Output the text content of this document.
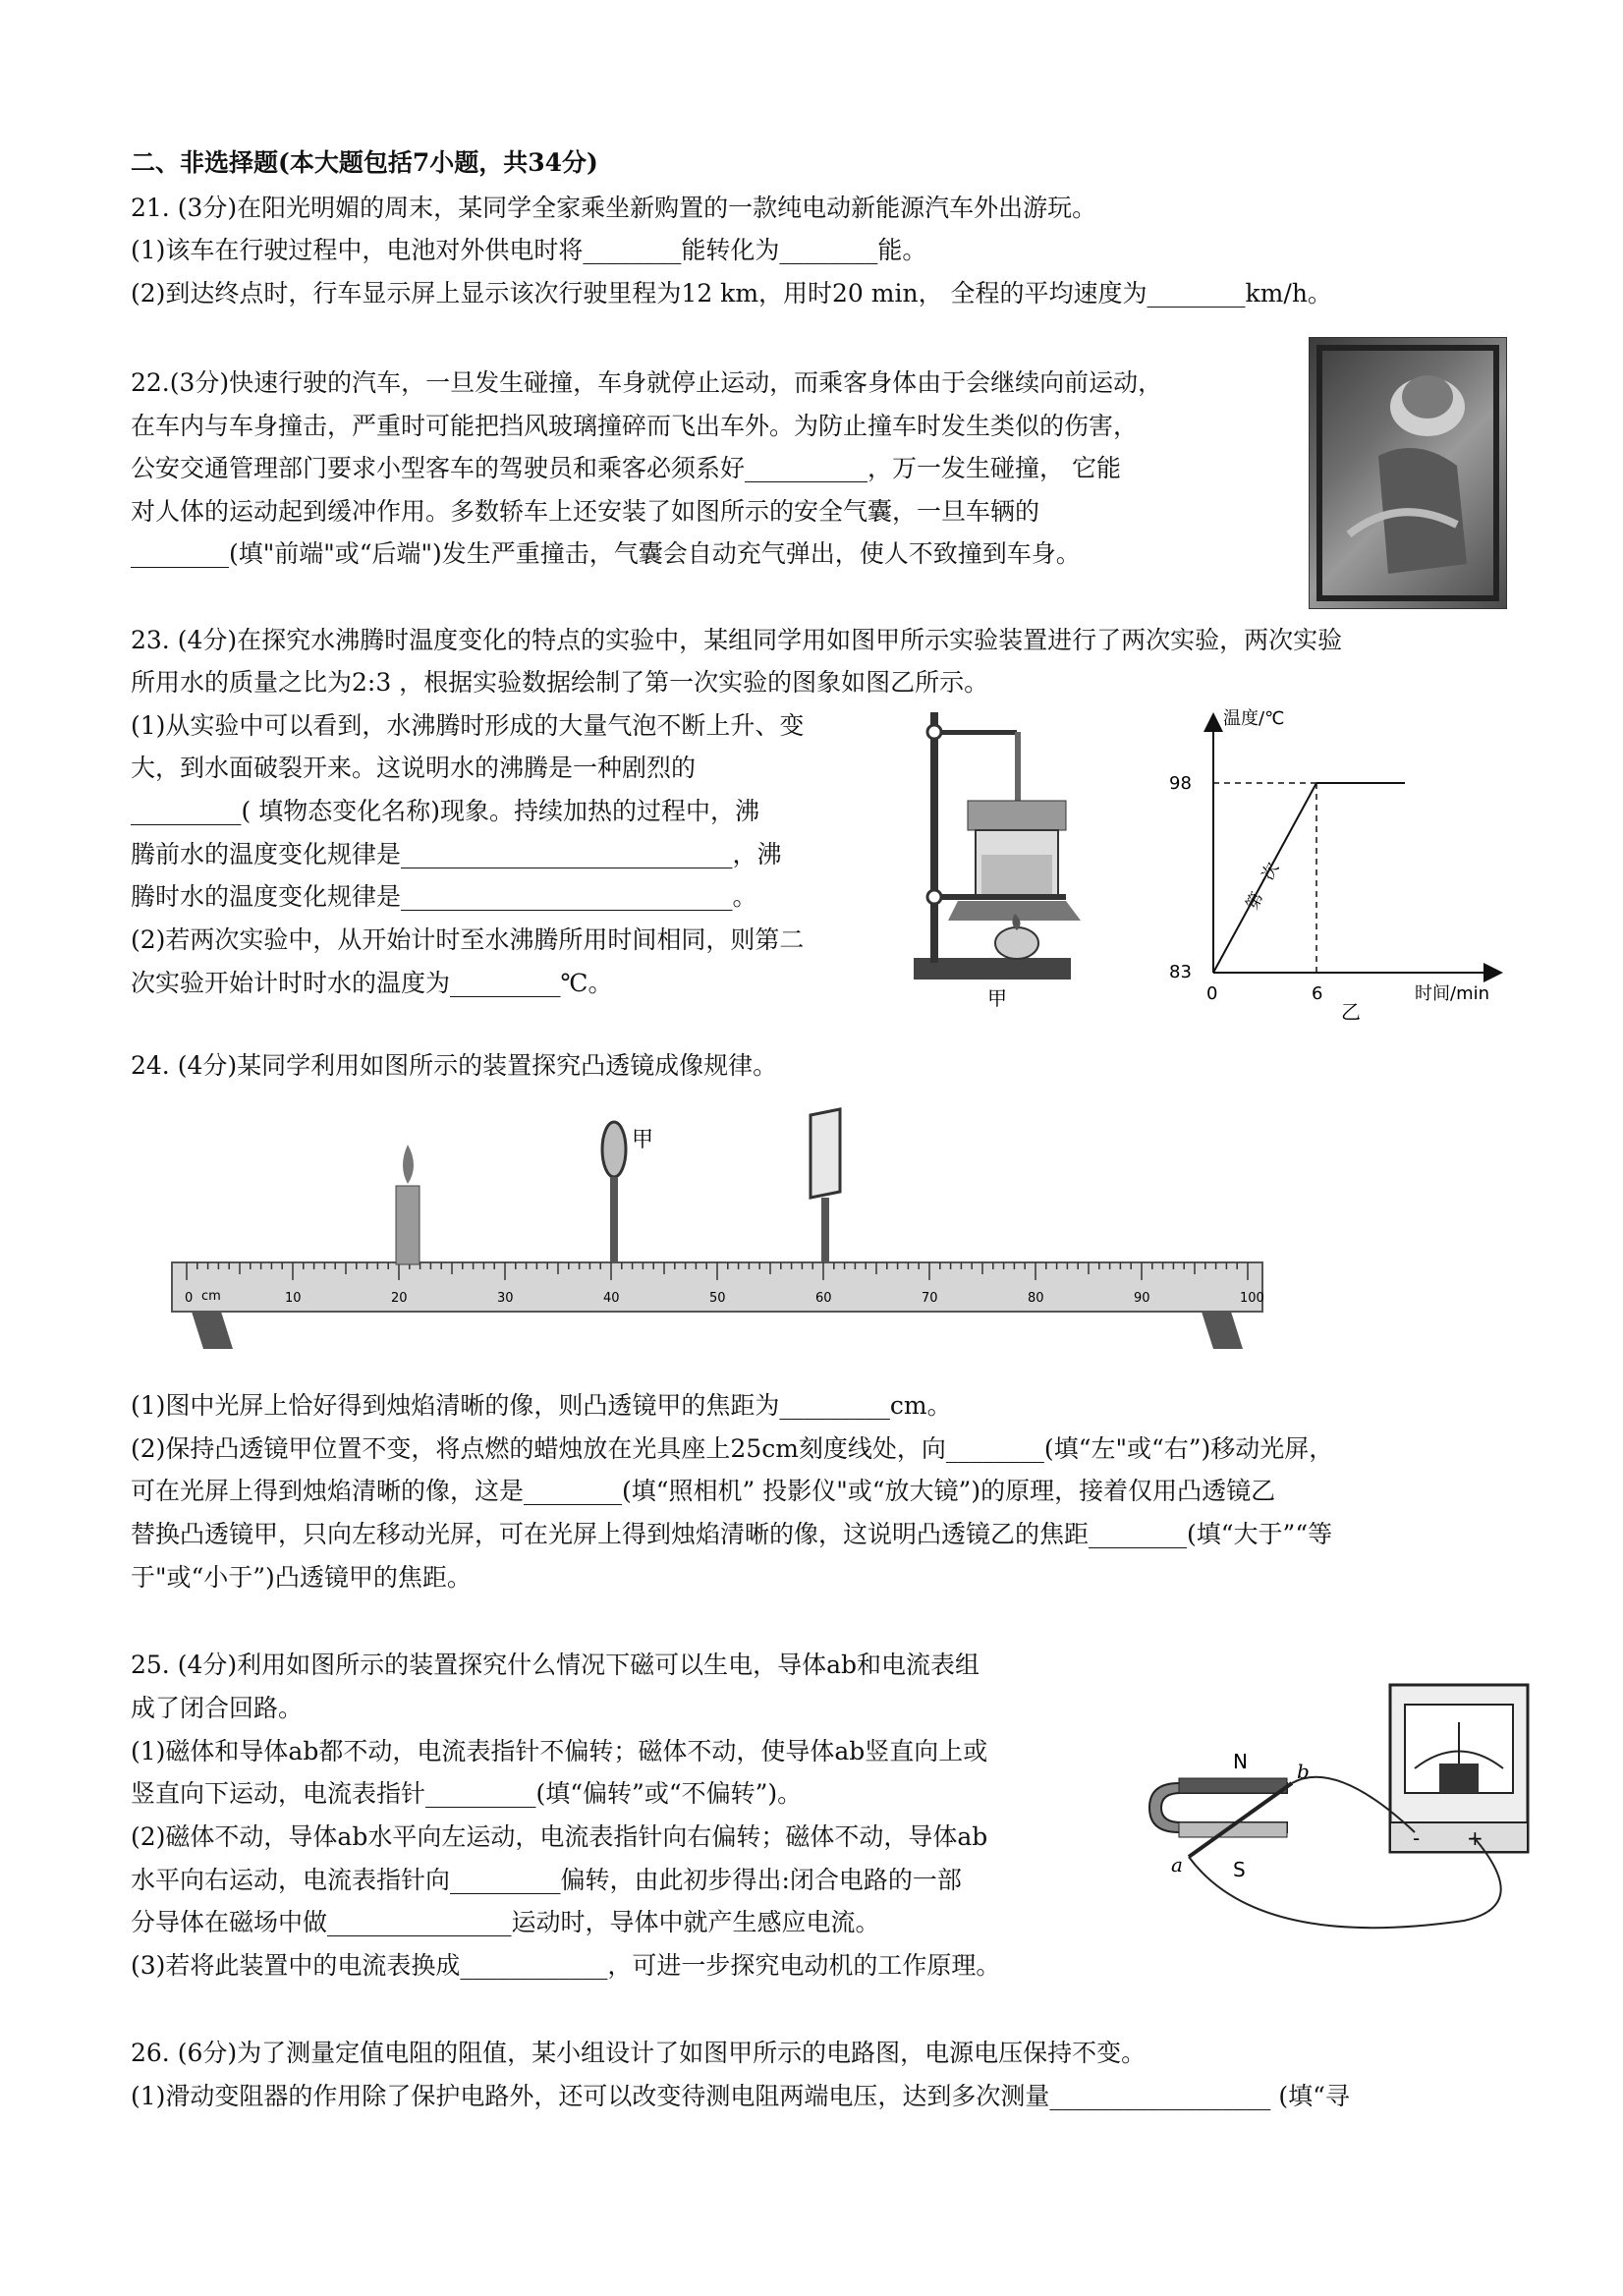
二、非选择题(本大题包括7小题，共34分)
21. (3分)在阳光明媚的周末，某同学全家乘坐新购置的一款纯电动新能源汽车外出游玩。
(1)该车在行驶过程中，电池对外供电时将________能转化为________能。
(2)到达终点时，行车显示屏上显示该次行驶里程为12 km，用时20 min， 全程的平均速度为________km/h。
22.(3分)快速行驶的汽车，一旦发生碰撞，车身就停止运动，而乘客身体由于会继续向前运动，
在车内与车身撞击，严重时可能把挡风玻璃撞碎而飞出车外。为防止撞车时发生类似的伤害，
公安交通管理部门要求小型客车的驾驶员和乘客必须系好__________，万一发生碰撞， 它能
对人体的运动起到缓冲作用。多数轿车上还安装了如图所示的安全气囊，一旦车辆的
________(填"前端"或“后端")发生严重撞击，气囊会自动充气弹出，使人不致撞到车身。
23. (4分)在探究水沸腾时温度变化的特点的实验中，某组同学用如图甲所示实验装置进行了两次实验，两次实验
所用水的质量之比为2:3 ，根据实验数据绘制了第一次实验的图象如图乙所示。
(1)从实验中可以看到，水沸腾时形成的大量气泡不断上升、变
大，到水面破裂开来。这说明水的沸腾是一种剧烈的
_________( 填物态变化名称)现象。持续加热的过程中，沸
腾前水的温度变化规律是___________________________，沸
腾时水的温度变化规律是___________________________。
(2)若两次实验中，从开始计时至水沸腾所用时间相同，则第二
次实验开始计时时水的温度为_________℃。
甲
温度/℃
时间/min
98
83
0	6
第一次
乙
24. (4分)某同学利用如图所示的装置探究凸透镜成像规律。
10	20	30	40	50	60	70	80	90	100
0
甲
cm
(1)图中光屏上恰好得到烛焰清晰的像，则凸透镜甲的焦距为_________cm。
(2)保持凸透镜甲位置不变，将点燃的蜡烛放在光具座上25cm刻度线处，向________(填“左"或“右”)移动光屏，
可在光屏上得到烛焰清晰的像，这是________(填“照相机” 投影仪"或“放大镜”)的原理，接着仅用凸透镜乙
替换凸透镜甲，只向左移动光屏，可在光屏上得到烛焰清晰的像，这说明凸透镜乙的焦距________(填“大于”“等
于"或“小于”)凸透镜甲的焦距。
25. (4分)利用如图所示的装置探究什么情况下磁可以生电，导体ab和电流表组
成了闭合回路。
(1)磁体和导体ab都不动，电流表指针不偏转；磁体不动，使导体ab竖直向上或
竖直向下运动，电流表指针_________(填“偏转”或“不偏转”)。
(2)磁体不动，导体ab水平向左运动，电流表指针向右偏转；磁体不动，导体ab
水平向右运动，电流表指针向_________偏转，由此初步得出:闭合电路的一部
分导体在磁场中做_______________运动时，导体中就产生感应电流。
(3)若将此装置中的电流表换成____________，可进一步探究电动机的工作原理。
- +
N
S
a
b
26. (6分)为了测量定值电阻的阻值，某小组设计了如图甲所示的电路图，电源电压保持不变。
(1)滑动变阻器的作用除了保护电路外，还可以改变待测电阻两端电压，达到多次测量__________________ (填“寻
